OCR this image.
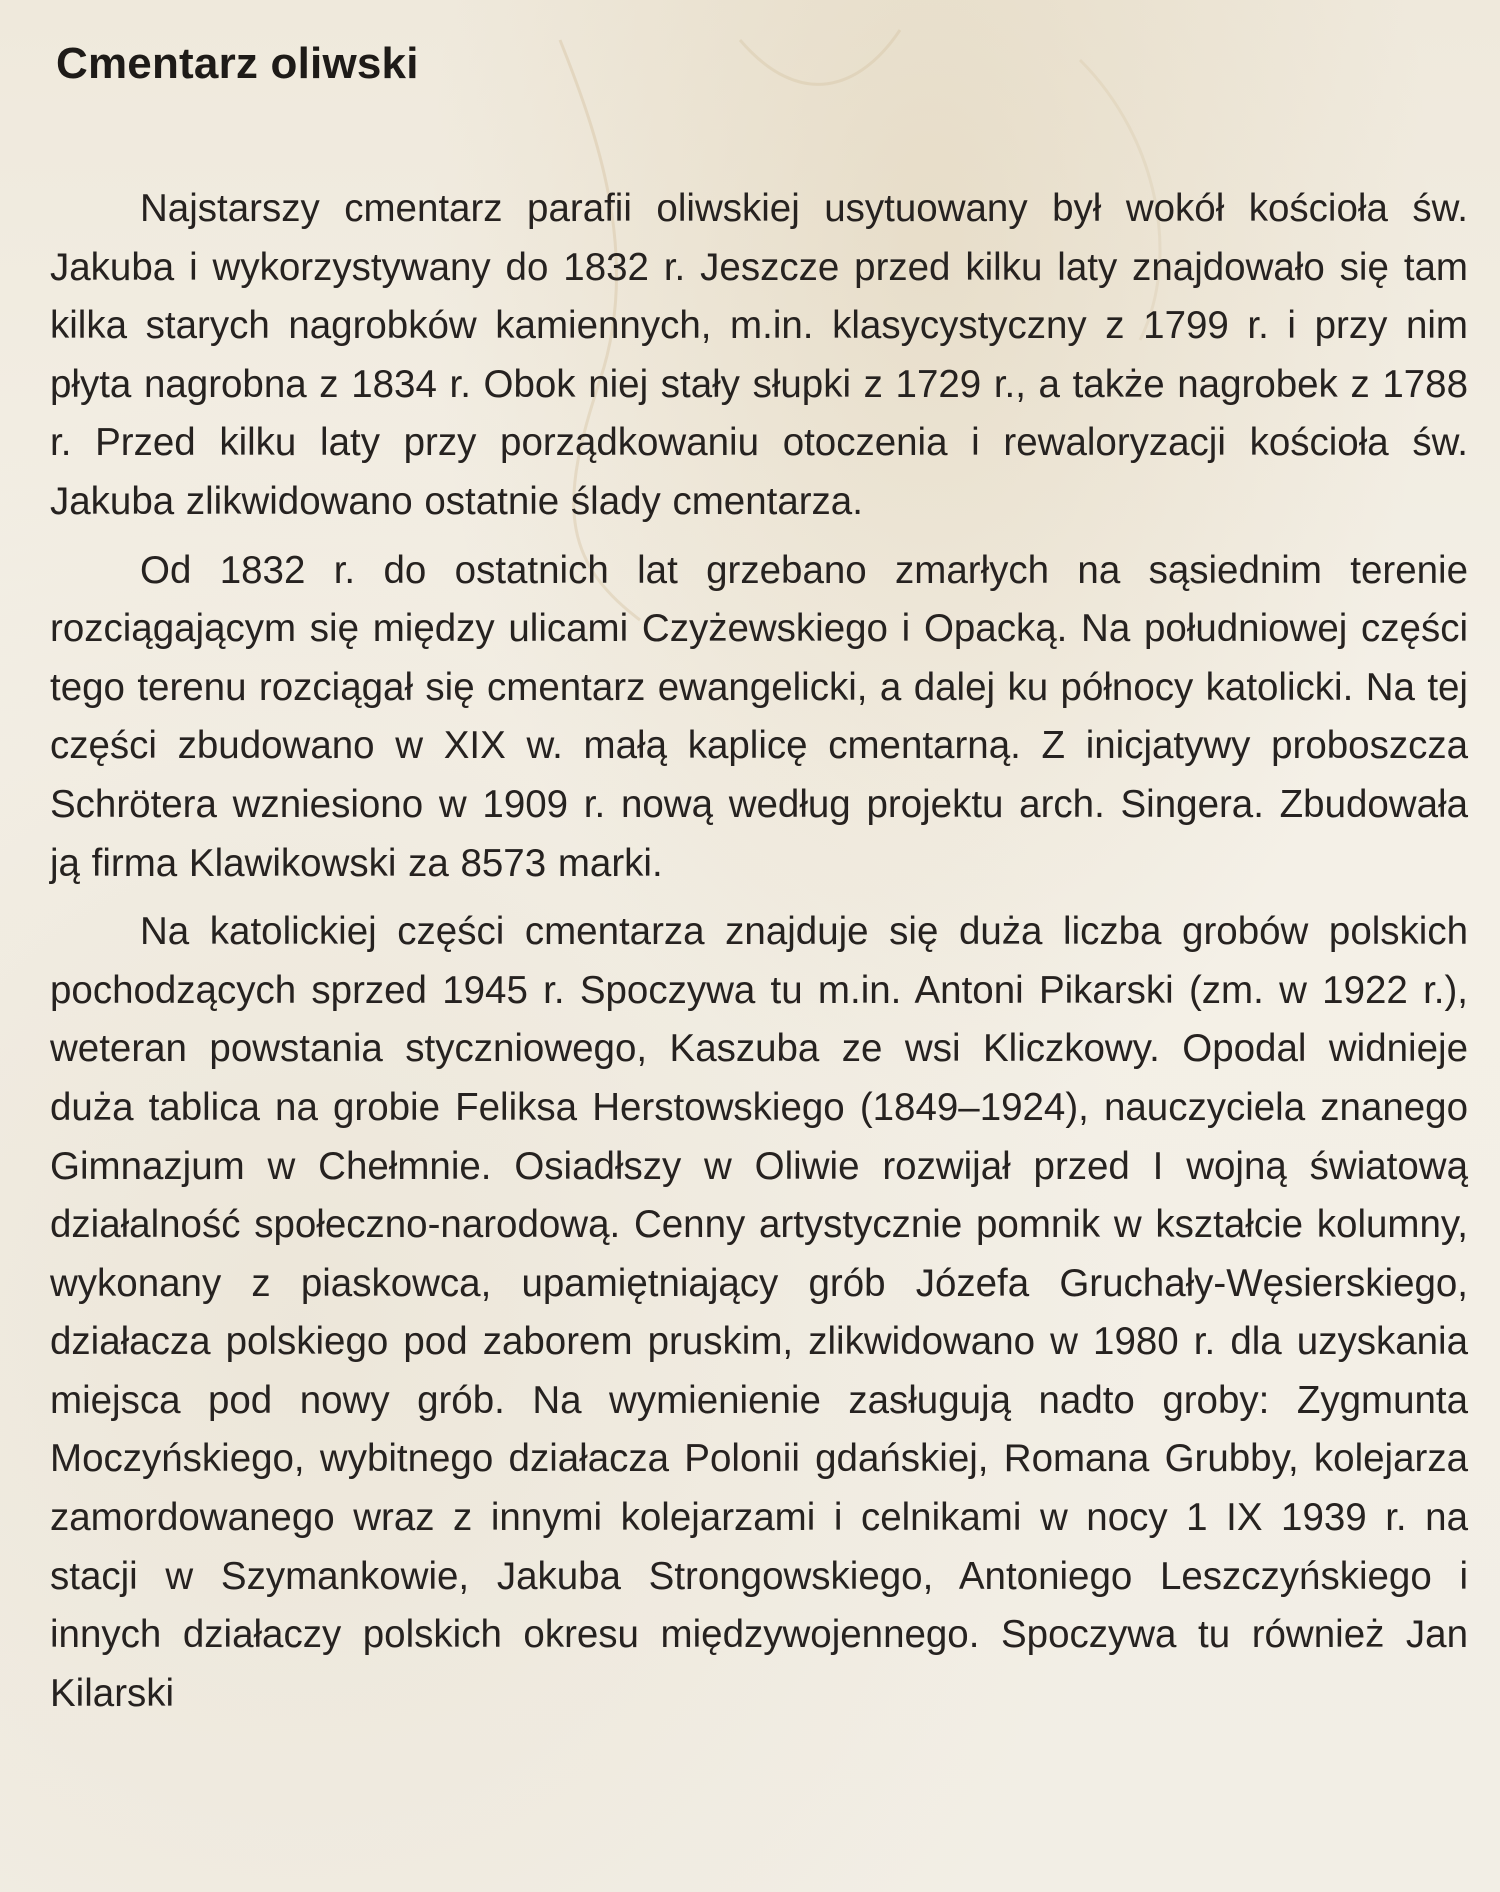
Cmentarz oliwski

Najstarszy cmentarz parafii oliwskiej usytuowany był wokół kościoła św. Jakuba i wykorzystywany do 1832 r. Jeszcze przed kilku laty znajdowało się tam kilka starych nagrobków kamiennych, m.in. klasycystyczny z 1799 r. i przy nim płyta nagrobna z 1834 r. Obok niej stały słupki z 1729 r., a także nagrobek z 1788 r. Przed kilku laty przy porządkowaniu otoczenia i rewaloryzacji kościoła św. Jakuba zlikwidowano ostatnie ślady cmentarza.

Od 1832 r. do ostatnich lat grzebano zmarłych na sąsiednim terenie rozciągającym się między ulicami Czyżewskiego i Opacką. Na południowej części tego terenu rozciągał się cmentarz ewangelicki, a dalej ku północy katolicki. Na tej części zbudowano w XIX w. małą kaplicę cmentarną. Z inicjatywy proboszcza Schrötera wzniesiono w 1909 r. nową według projektu arch. Singera. Zbudowała ją firma Klawikowski za 8573 marki.

Na katolickiej części cmentarza znajduje się duża liczba grobów polskich pochodzących sprzed 1945 r. Spoczywa tu m.in. Antoni Pikarski (zm. w 1922 r.), weteran powstania styczniowego, Kaszuba ze wsi Kliczkowy. Opodal widnieje duża tablica na grobie Feliksa Herstowskiego (1849–1924), nauczyciela znanego Gimnazjum w Chełmnie. Osiadłszy w Oliwie rozwijał przed I wojną światową działalność społeczno-narodową. Cenny artystycznie pomnik w kształcie kolumny, wykonany z piaskowca, upamiętniający grób Józefa Gruchały-Węsierskiego, działacza polskiego pod zaborem pruskim, zlikwidowano w 1980 r. dla uzyskania miejsca pod nowy grób. Na wymienienie zasługują nadto groby: Zygmunta Moczyńskiego, wybitnego działacza Polonii gdańskiej, Romana Grubby, kolejarza zamordowanego wraz z innymi kolejarzami i celnikami w nocy 1 IX 1939 r. na stacji w Szymankowie, Jakuba Strongowskiego, Antoniego Leszczyńskiego i innych działaczy polskich okresu międzywojennego. Spoczywa tu również Jan Kilarski
